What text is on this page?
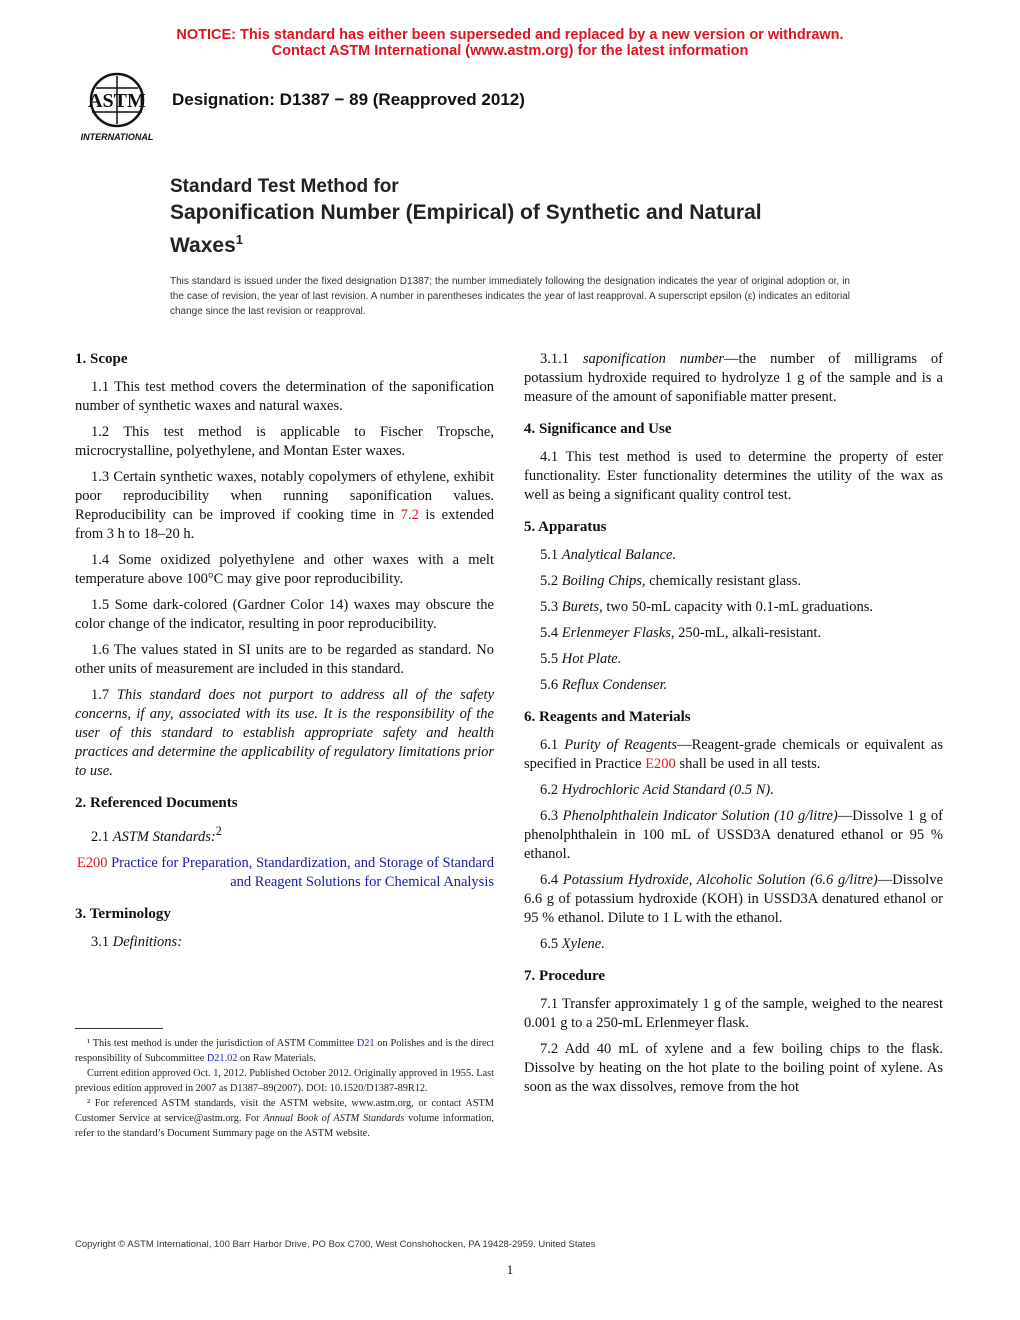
NOTICE: This standard has either been superseded and replaced by a new version or withdrawn.
Contact ASTM International (www.astm.org) for the latest information
ASTM
INTERNATIONAL
Designation: D1387 − 89 (Reapproved 2012)
Standard Test Method for
Saponification Number (Empirical) of Synthetic and Natural
Waxes$^1$
This standard is issued under the fixed designation D1387; the number immediately following the designation indicates the year of original adoption or, in the case of revision, the year of last revision. A number in parentheses indicates the year of last reapproval. A superscript epsilon (ε) indicates an editorial change since the last revision or reapproval.
1. Scope

1.1 This test method covers the determination of the saponification number of synthetic waxes and natural waxes.

1.2 This test method is applicable to Fischer Tropsche, microcrystalline, polyethylene, and Montan Ester waxes.

1.3 Certain synthetic waxes, notably copolymers of ethylene, exhibit poor reproducibility when running saponification values. Reproducibility can be improved if cooking time in 7.2 is extended from 3 h to 18–20 h.

1.4 Some oxidized polyethylene and other waxes with a melt temperature above 100°C may give poor reproducibility.

1.5 Some dark-colored (Gardner Color 14) waxes may obscure the color change of the indicator, resulting in poor reproducibility.

1.6 The values stated in SI units are to be regarded as standard. No other units of measurement are included in this standard.

1.7 This standard does not purport to address all of the safety concerns, if any, associated with its use. It is the responsibility of the user of this standard to establish appropriate safety and health practices and determine the applicability of regulatory limitations prior to use.

2. Referenced Documents

2.1 ASTM Standards:$^2$

E200 Practice for Preparation, Standardization, and Storage of Standard and Reagent Solutions for Chemical Analysis
3. Terminology

3.1 Definitions:

3.1.1 saponification number—the number of milligrams of potassium hydroxide required to hydrolyze 1 g of the sample and is a measure of the amount of saponifiable matter present.

4. Significance and Use

4.1 This test method is used to determine the property of ester functionality. Ester functionality determines the utility of the wax as well as being a significant quality control test.

5. Apparatus

5.1 Analytical Balance.

5.2 Boiling Chips, chemically resistant glass.

5.3 Burets, two 50-mL capacity with 0.1-mL graduations.

5.4 Erlenmeyer Flasks, 250-mL, alkali-resistant.

5.5 Hot Plate.

5.6 Reflux Condenser.

6. Reagents and Materials

6.1 Purity of Reagents—Reagent-grade chemicals or equivalent as specified in Practice E200 shall be used in all tests.

6.2 Hydrochloric Acid Standard (0.5 N).

6.3 Phenolphthalein Indicator Solution (10 g/litre)—Dissolve 1 g of phenolphthalein in 100 mL of USSD3A denatured ethanol or 95 % ethanol.

6.4 Potassium Hydroxide, Alcoholic Solution (6.6 g/litre)—Dissolve 6.6 g of potassium hydroxide (KOH) in USSD3A denatured ethanol or 95 % ethanol. Dilute to 1 L with the ethanol.

6.5 Xylene.

7. Procedure

7.1 Transfer approximately 1 g of the sample, weighed to the nearest 0.001 g to a 250-mL Erlenmeyer flask.

7.2 Add 40 mL of xylene and a few boiling chips to the flask. Dissolve by heating on the hot plate to the boiling point of xylene. As soon as the wax dissolves, remove from the hot

¹ This test method is under the jurisdiction of ASTM Committee D21 on Polishes and is the direct responsibility of Subcommittee D21.02 on Raw Materials.

Current edition approved Oct. 1, 2012. Published October 2012. Originally approved in 1955. Last previous edition approved in 2007 as D1387–89(2007). DOI: 10.1520/D1387-89R12.

² For referenced ASTM standards, visit the ASTM website, www.astm.org, or contact ASTM Customer Service at service@astm.org. For Annual Book of ASTM Standards volume information, refer to the standard’s Document Summary page on the ASTM website.

Copyright © ASTM International, 100 Barr Harbor Drive, PO Box C700, West Conshohocken, PA 19428-2959. United States
1
